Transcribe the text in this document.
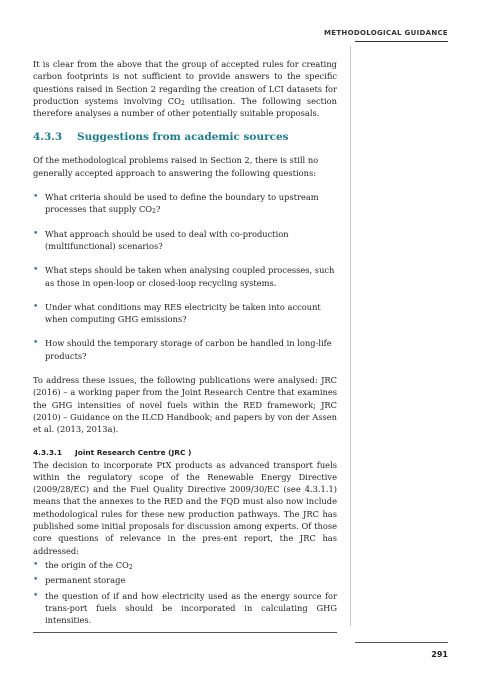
METHODOLOGICAL GUIDANCE

It is clear from the above that the group of accepted rules for creating carbon footprints is not sufficient to provide answers to the specific questions raised in Section 2 regarding the creation of LCI datasets for production systems involving $CO_2$ utilisation. The following section therefore analyses a number of other potentially suitable proposals.

4.3.3	Suggestions from academic sources

Of the methodological problems raised in Section 2, there is still no generally accepted approach to answering the following questions:

• What criteria should be used to define the boundary to upstream processes that supply $CO_2$?
• What approach should be used to deal with co-production (multifunctional) scenarios?
• What steps should be taken when analysing coupled processes, such as those in open-loop or closed-loop recycling systems.
• Under what conditions may RES electricity be taken into account when computing GHG emissions?
• How should the temporary storage of carbon be handled in long-life products?

To address these issues, the following publications were analysed: JRC (2016) – a working paper from the Joint Research Centre that examines the GHG intensities of novel fuels within the RED framework; JRC (2010) – Guidance on the ILCD Handbook; and papers by von der Assen et al. (2013, 2013a).

4.3.3.1	Joint Research Centre (JRC )

The decision to incorporate PtX products as advanced transport fuels within the regulatory scope of the Renewable Energy Directive (2009/28/EC) and the Fuel Quality Directive 2009/30/EC (see 4.3.1.1) means that the annexes to the RED and the FQD must also now include methodological rules for these new production pathways. The JRC has published some initial proposals for discussion among experts. Of those core questions of relevance in the pres-ent report, the JRC has addressed:

• the origin of the $CO_2$
• permanent storage
• the question of if and how electricity used as the energy source for trans-port fuels should be incorporated in calculating GHG intensities.
291
